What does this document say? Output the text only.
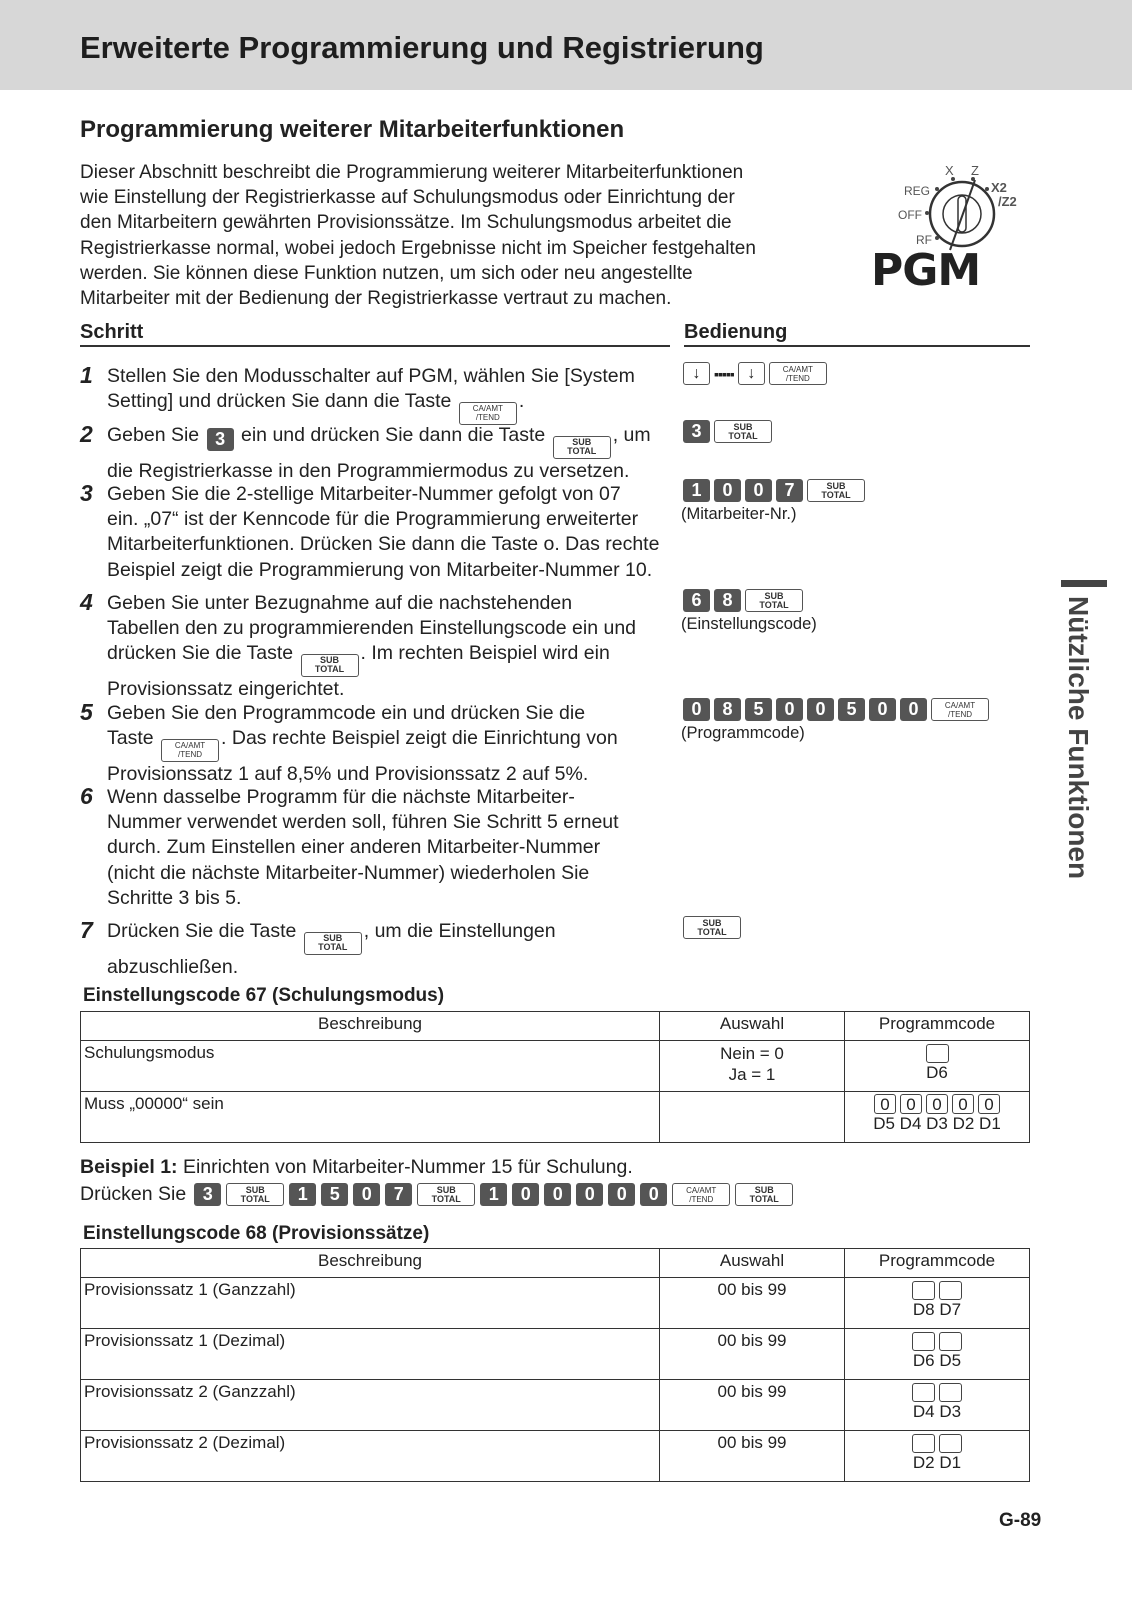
Erweiterte Programmierung und Registrierung
Programmierung weiterer Mitarbeiterfunktionen
Dieser Abschnitt beschreibt die Programmierung weiterer Mitarbeiterfunktionen
wie Einstellung der Registrierkasse auf Schulungsmodus oder Einrichtung der
den Mitarbeitern gewährten Provisionssätze. Im Schulungsmodus arbeitet die
Registrierkasse normal, wobei jedoch Ergebnisse nicht im Speicher festgehalten
werden. Sie können diese Funktion nutzen, um sich oder neu angestellte
Mitarbeiter mit der Bedienung der Registrierkasse vertraut zu machen.
X Z
REG	X2
/Z2
OFF
RF
PGM
Schritt	Bedienung
1 Stellen Sie den Modusschalter auf PGM, wählen Sie [System
Setting] und drücken Sie dann die Taste	CA/AMT
/TEND
.
2 Geben Sie 3 ein und drücken Sie dann die Taste	SUB
TOTAL
, um
die Registrierkasse in den Programmiermodus zu versetzen.
3 Geben Sie die 2-stellige Mitarbeiter-Nummer gefolgt von 07
ein. „07“ ist der Kenncode für die Programmierung erweiterter
Mitarbeiterfunktionen. Drücken Sie dann die Taste o. Das rechte
Beispiel zeigt die Programmierung von Mitarbeiter-Nummer 10.
4 Geben Sie unter Bezugnahme auf die nachstehenden
Tabellen den zu programmierenden Einstellungscode ein und
drücken Sie die Taste	SUB
TOTAL
. Im rechten Beispiel wird ein
Provisionssatz eingerichtet.
5 Geben Sie den Programmcode ein und drücken Sie die
Taste	CA/AMT
/TEND
. Das rechte Beispiel zeigt die Einrichtung von
Provisionssatz 1 auf 8,5% und Provisionssatz 2 auf 5%.
6 Wenn dasselbe Programm für die nächste Mitarbeiter-
Nummer verwendet werden soll, führen Sie Schritt 5 erneut
durch. Zum Einstellen einer anderen Mitarbeiter-Nummer
(nicht die nächste Mitarbeiter-Nummer) wiederholen Sie
Schritte 3 bis 5.
7 Drücken Sie die Taste	SUB
TOTAL
, um die Einstellungen
abzuschließen.
↓ ▪▪▪▪▪ ↓	CA/AMT
/TEND
3	SUB
TOTAL
1	0	0	7	SUB
TOTAL
(Mitarbeiter-Nr.)
6	8	SUB
TOTAL
(Einstellungscode)
0	8	5	0	0	5	0	0	CA/AMT
/TEND
(Programmcode)
SUB
TOTAL
Einstellungscode 67 (Schulungsmodus)
Beschreibung	Auswahl	Programmcode
Schulungsmodus	Nein = 0
Ja = 1	D6

Muss „00000“ sein		0 0 0 0 0
D5 D4 D3 D2 D1
Beispiel 1: Einrichten von Mitarbeiter-Nummer 15 für Schulung.
Drücken Sie 3	SUB
TOTAL	1	5	0	7	SUB
TOTAL	1	0	0	0	0	0	CA/AMT
/TEND
SUB
TOTAL
Einstellungscode 68 (Provisionssätze)
Beschreibung	Auswahl	Programmcode
Provisionssatz 1 (Ganzzahl)	00 bis 99	D8 D7

Provisionssatz 1 (Dezimal)	00 bis 99	D6 D5

Provisionssatz 2 (Ganzzahl)	00 bis 99	D4 D3

Provisionssatz 2 (Dezimal)	00 bis 99	D2 D1
Nützliche Funktionen
G-89
